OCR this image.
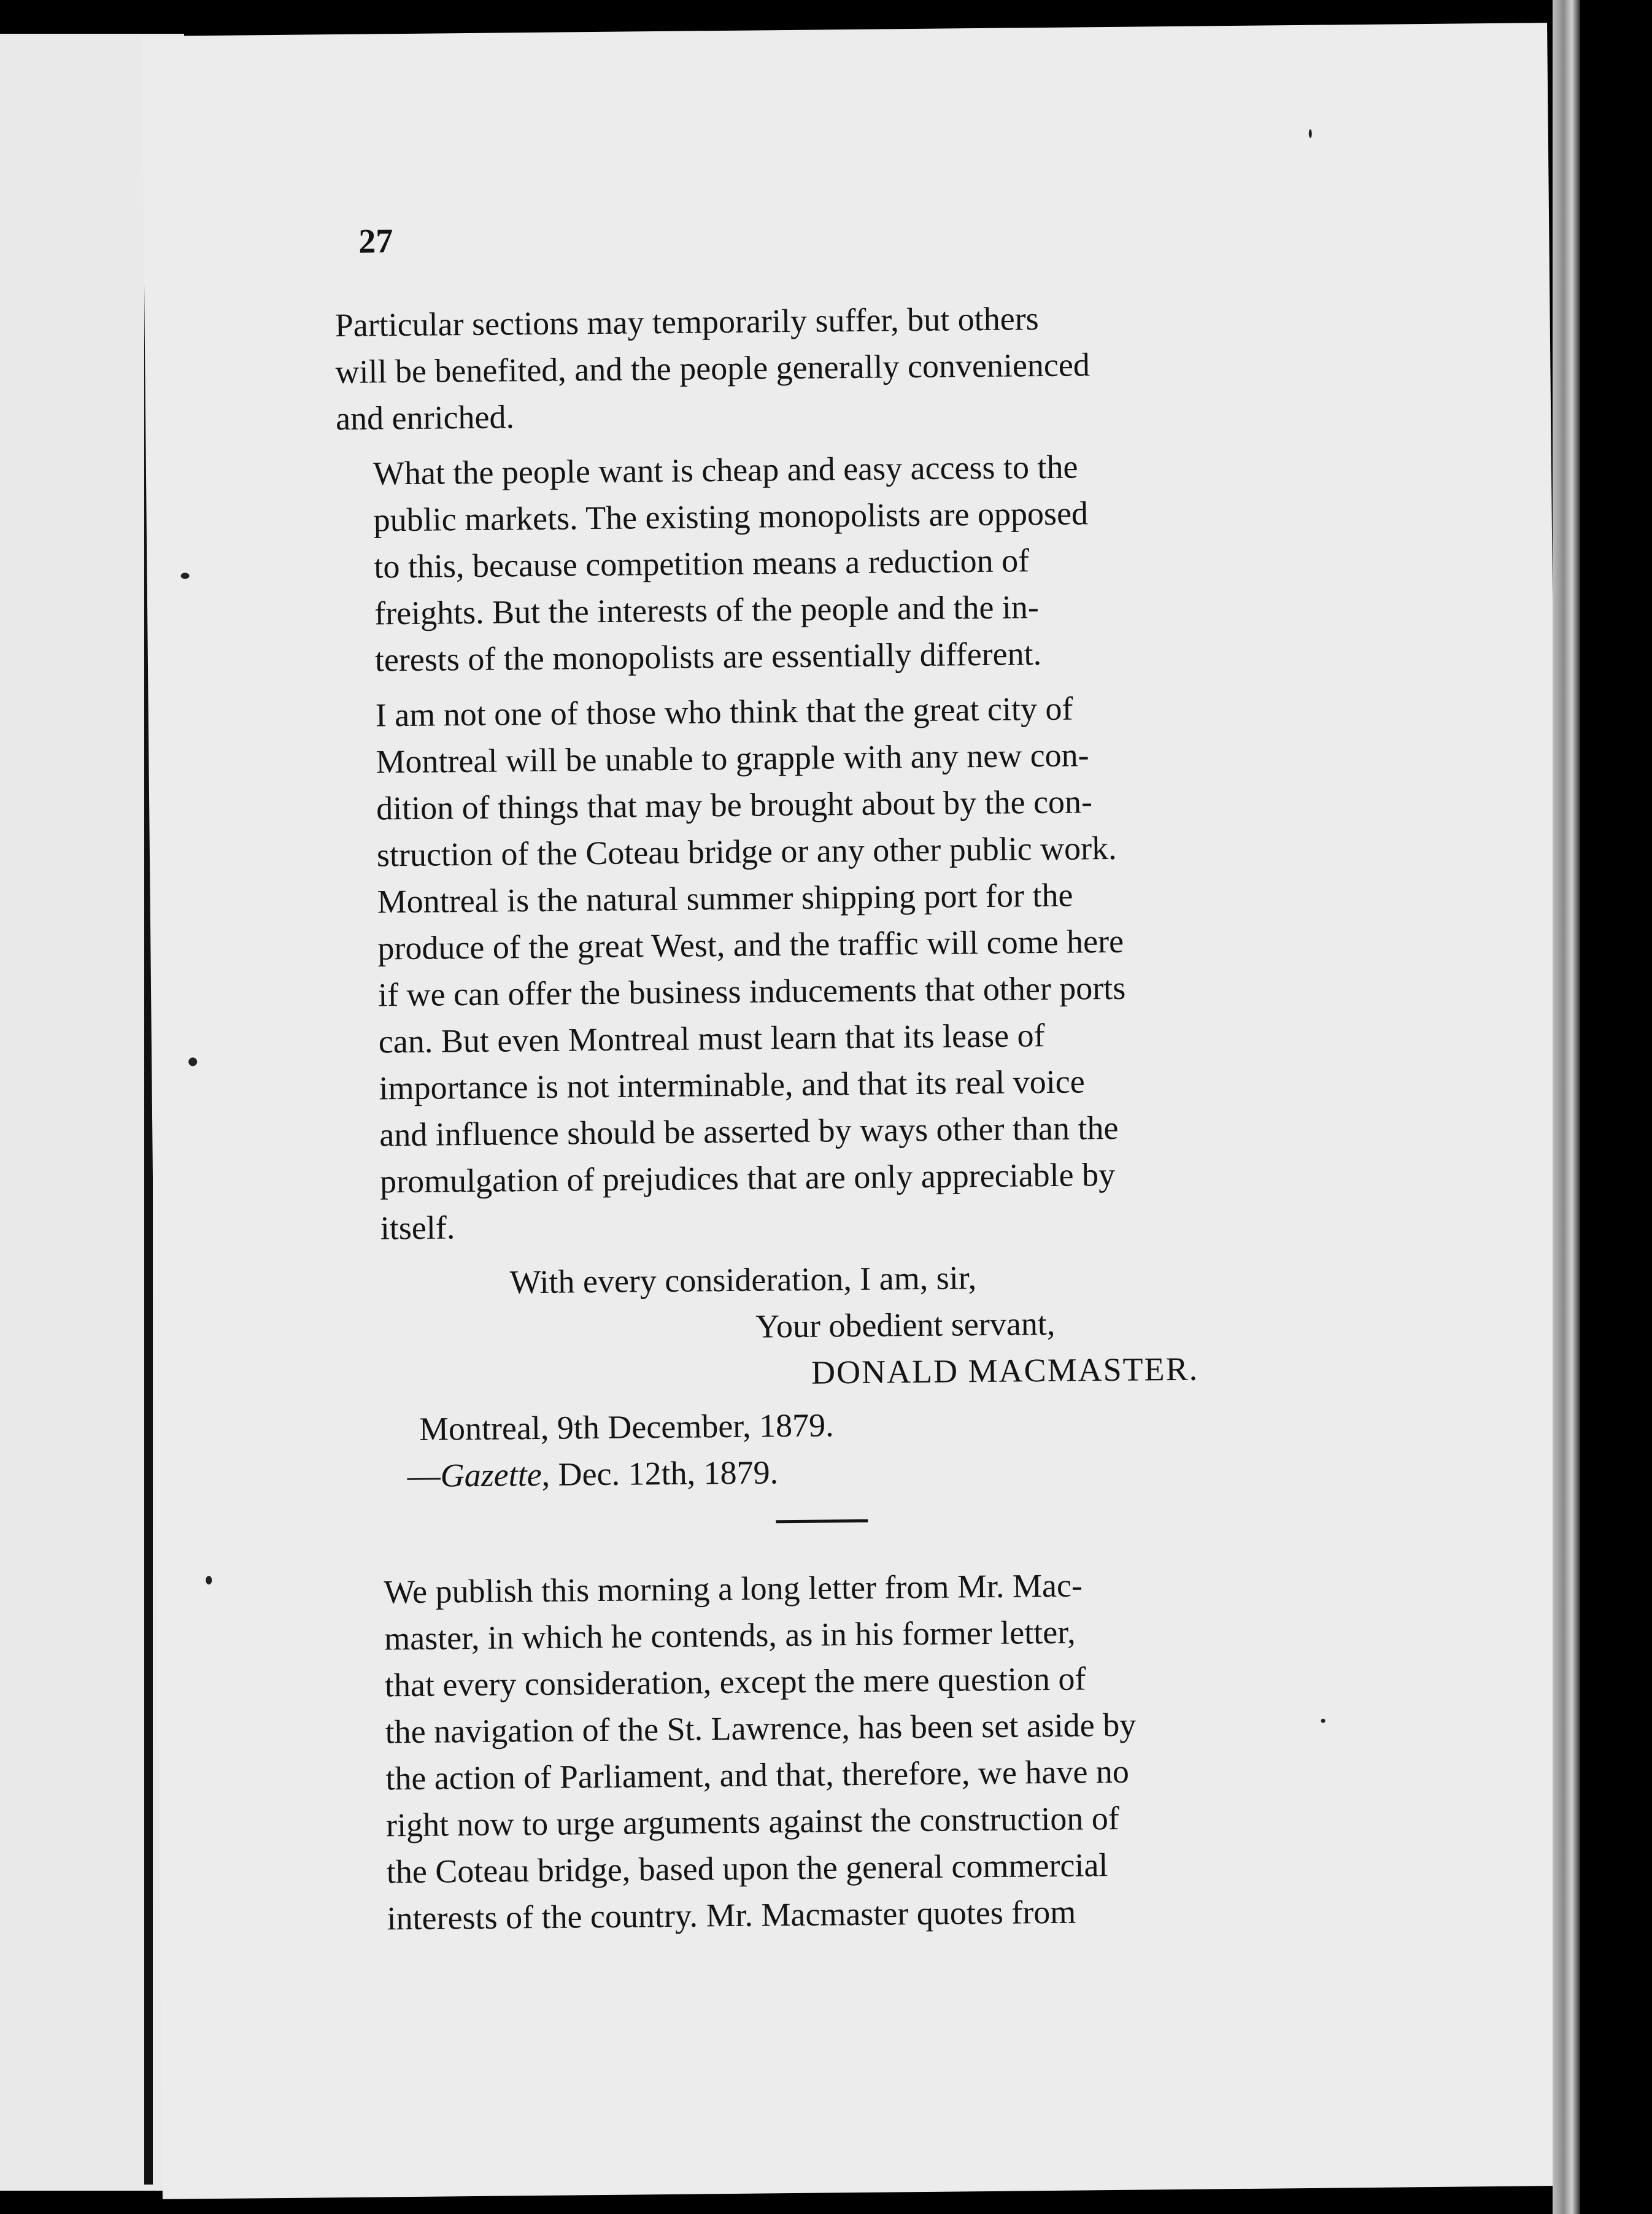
27
Particular sections may temporarily suffer, but others
will be benefited, and the people generally convenienced
and enriched.
What the people want is cheap and easy access to the
public markets. The existing monopolists are opposed
to this, because competition means a reduction of
freights. But the interests of the people and the in-
terests of the monopolists are essentially different.
I am not one of those who think that the great city of
Montreal will be unable to grapple with any new con-
dition of things that may be brought about by the con-
struction of the Coteau bridge or any other public work.
Montreal is the natural summer shipping port for the
produce of the great West, and the traffic will come here
if we can offer the business inducements that other ports
can. But even Montreal must learn that its lease of
importance is not interminable, and that its real voice
and influence should be asserted by ways other than the
promulgation of prejudices that are only appreciable by
itself.
With every consideration, I am, sir,
Your obedient servant,
DONALD MACMASTER.
Montreal, 9th December, 1879.
—Gazette, Dec. 12th, 1879.
We publish this morning a long letter from Mr. Mac-
master, in which he contends, as in his former letter,
that every consideration, except the mere question of
the navigation of the St. Lawrence, has been set aside by
the action of Parliament, and that, therefore, we have no
right now to urge arguments against the construction of
the Coteau bridge, based upon the general commercial
interests of the country. Mr. Macmaster quotes from
